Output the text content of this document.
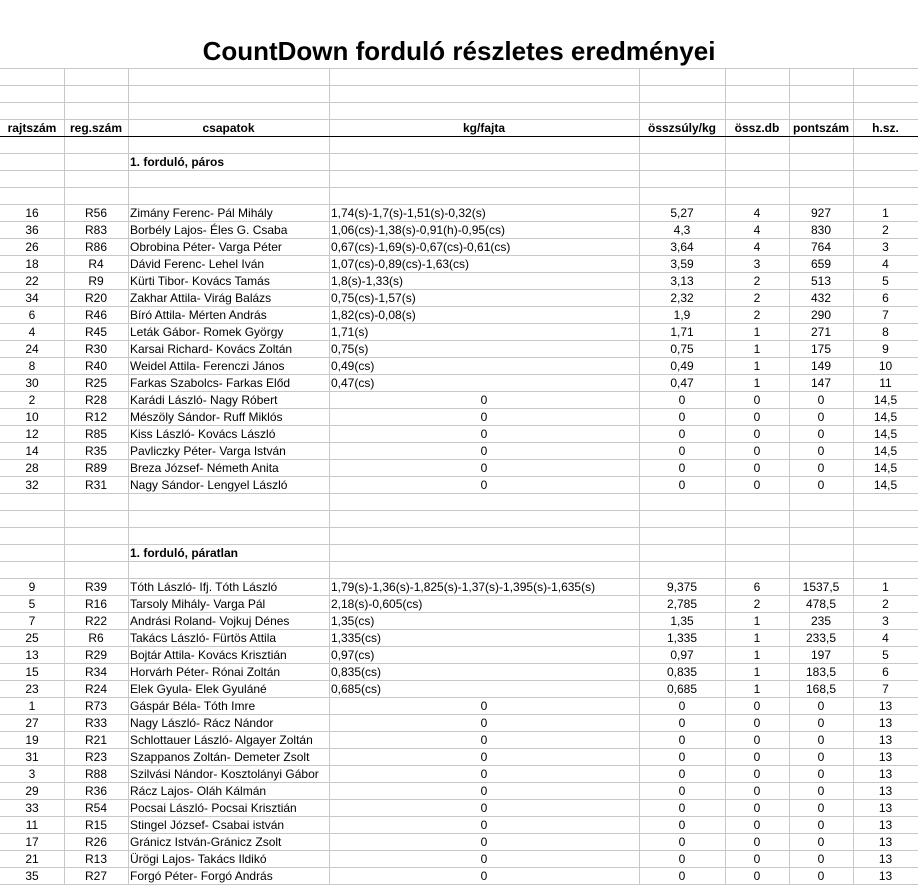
CountDown forduló részletes eredményei
rajtszám	reg.szám	csapatok	kg/fajta	összsúly/kg	össz.db	pontszám	h.sz.
1. forduló, páros
16	R56	Zimány Ferenc- Pál Mihály	1,74(s)-1,7(s)-1,51(s)-0,32(s)	5,27	4	927	1
36	R83	Borbély Lajos- Éles G. Csaba	1,06(cs)-1,38(s)-0,91(h)-0,95(cs)	4,3	4	830	2
26	R86	Obrobina Péter- Varga Péter	0,67(cs)-1,69(s)-0,67(cs)-0,61(cs)	3,64	4	764	3
18	R4	Dávid Ferenc- Lehel Iván	1,07(cs)-0,89(cs)-1,63(cs)	3,59	3	659	4
22	R9	Kürti Tibor- Kovács Tamás	1,8(s)-1,33(s)	3,13	2	513	5
34	R20	Zakhar Attila- Virág Balázs	0,75(cs)-1,57(s)	2,32	2	432	6
6	R46	Bíró Attila- Mérten András	1,82(cs)-0,08(s)	1,9	2	290	7
4	R45	Leták Gábor- Romek György	1,71(s)	1,71	1	271	8
24	R30	Karsai Richard- Kovács Zoltán	0,75(s)	0,75	1	175	9
8	R40	Weidel Attila- Ferenczi János	0,49(cs)	0,49	1	149	10
30	R25	Farkas Szabolcs- Farkas Előd	0,47(cs)	0,47	1	147	11
2	R28	Karádi László- Nagy Róbert	0	0	0	0	14,5
10	R12	Mészöly Sándor- Ruff Miklós	0	0	0	0	14,5
12	R85	Kiss László- Kovács László	0	0	0	0	14,5
14	R35	Pavliczky Péter- Varga István	0	0	0	0	14,5
28	R89	Breza József- Németh Anita	0	0	0	0	14,5
32	R31	Nagy Sándor- Lengyel László	0	0	0	0	14,5
1. forduló, páratlan
9	R39	Tóth László- Ifj. Tóth László	1,79(s)-1,36(s)-1,825(s)-1,37(s)-1,395(s)-1,635(s)	9,375	6	1537,5	1
5	R16	Tarsoly Mihály- Varga Pál	2,18(s)-0,605(cs)	2,785	2	478,5	2
7	R22	Andrási Roland- Vojkuj Dénes	1,35(cs)	1,35	1	235	3
25	R6	Takács László- Fürtös Attila	1,335(cs)	1,335	1	233,5	4
13	R29	Bojtár Attila- Kovács Krisztián	0,97(cs)	0,97	1	197	5
15	R34	Horvárh Péter- Rónai Zoltán	0,835(cs)	0,835	1	183,5	6
23	R24	Elek Gyula- Elek Gyuláné	0,685(cs)	0,685	1	168,5	7
1	R73	Gáspár Béla- Tóth Imre	0	0	0	0	13
27	R33	Nagy László- Rácz Nándor	0	0	0	0	13
19	R21	Schlottauer László- Algayer Zoltán	0	0	0	0	13
31	R23	Szappanos Zoltán- Demeter Zsolt	0	0	0	0	13
3	R88	Szilvási Nándor- Kosztolányi Gábor	0	0	0	0	13
29	R36	Rácz Lajos- Oláh Kálmán	0	0	0	0	13
33	R54	Pocsai László- Pocsai Krisztián	0	0	0	0	13
11	R15	Stingel József- Csabai istván	0	0	0	0	13
17	R26	Gránicz István-Gránicz Zsolt	0	0	0	0	13
21	R13	Ürögi Lajos- Takács Ildikó	0	0	0	0	13
35	R27	Forgó Péter- Forgó András	0	0	0	0	13
